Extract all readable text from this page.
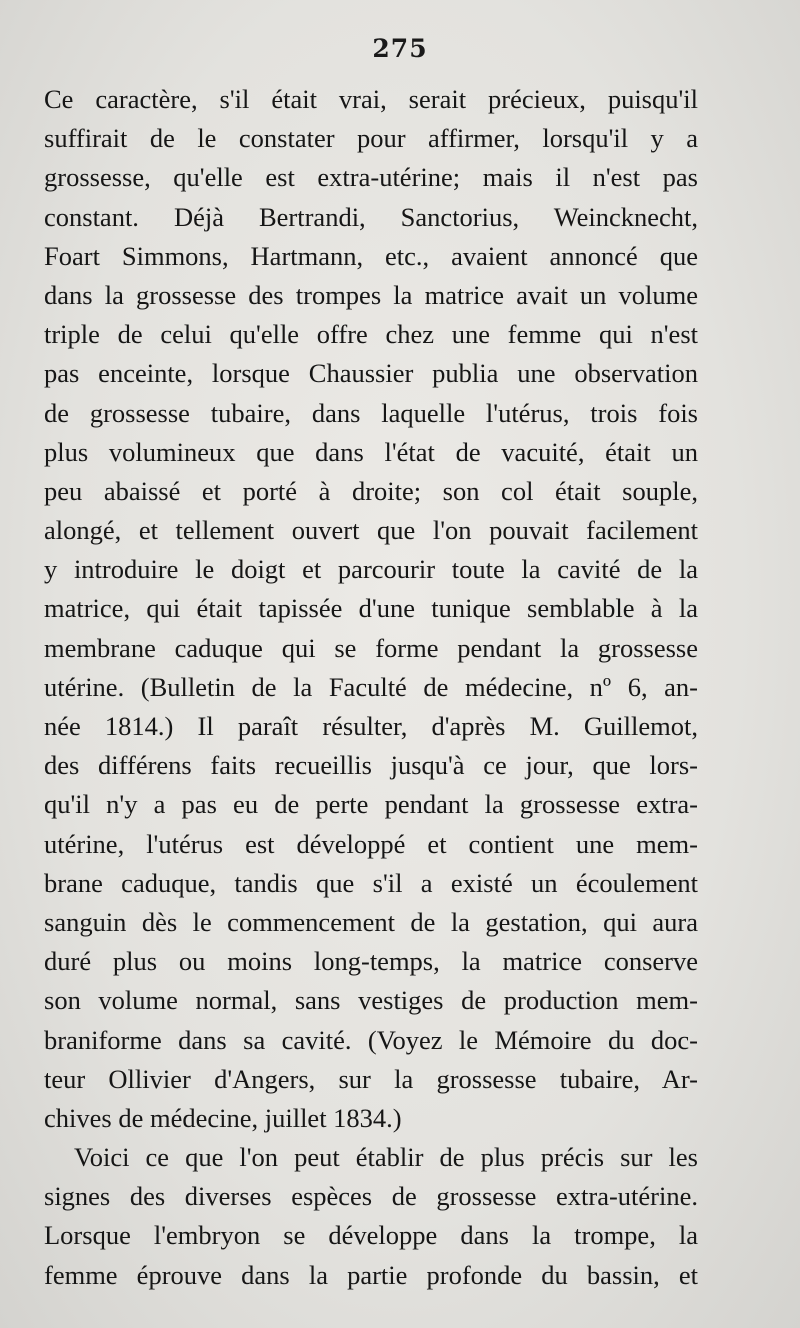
275
Ce caractère, s'il était vrai, serait précieux, puisqu'il
suffirait de le constater pour affirmer, lorsqu'il y a
grossesse, qu'elle est extra-utérine; mais il n'est pas
constant. Déjà Bertrandi, Sanctorius, Weincknecht,
Foart Simmons, Hartmann, etc., avaient annoncé que
dans la grossesse des trompes la matrice avait un volume
triple de celui qu'elle offre chez une femme qui n'est
pas enceinte, lorsque Chaussier publia une observation
de grossesse tubaire, dans laquelle l'utérus, trois fois
plus volumineux que dans l'état de vacuité, était un
peu abaissé et porté à droite; son col était souple,
alongé, et tellement ouvert que l'on pouvait facilement
y introduire le doigt et parcourir toute la cavité de la
matrice, qui était tapissée d'une tunique semblable à la
membrane caduque qui se forme pendant la grossesse
utérine. (Bulletin de la Faculté de médecine, nº 6, an-
née 1814.) Il paraît résulter, d'après M. Guillemot,
des différens faits recueillis jusqu'à ce jour, que lors-
qu'il n'y a pas eu de perte pendant la grossesse extra-
utérine, l'utérus est développé et contient une mem-
brane caduque, tandis que s'il a existé un écoulement
sanguin dès le commencement de la gestation, qui aura
duré plus ou moins long-temps, la matrice conserve
son volume normal, sans vestiges de production mem-
braniforme dans sa cavité. (Voyez le Mémoire du doc-
teur Ollivier d'Angers, sur la grossesse tubaire, Ar-
chives de médecine, juillet 1834.)
Voici ce que l'on peut établir de plus précis sur les
signes des diverses espèces de grossesse extra-utérine.
Lorsque l'embryon se développe dans la trompe, la
femme éprouve dans la partie profonde du bassin, et
